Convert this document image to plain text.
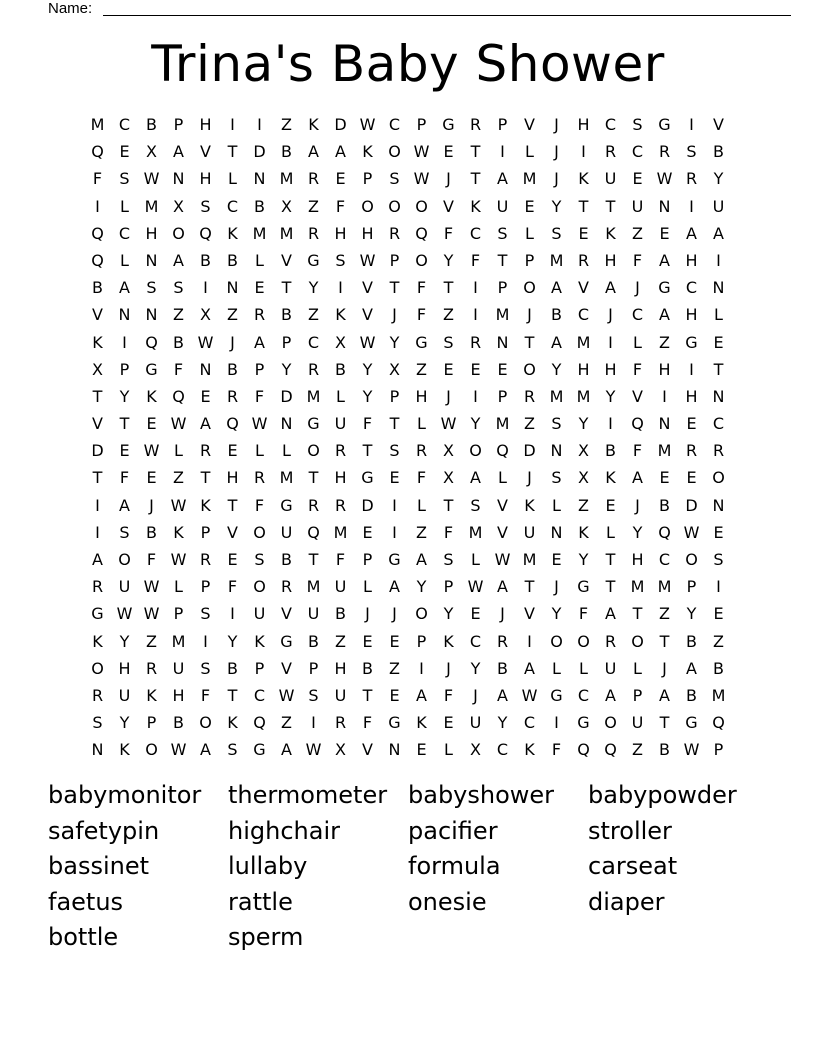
Name:
Trina's Baby Shower
M C B	P	H	I	I	Z	K D W C	P G R	P	V	J	H C	S G	I	V
Q E	X	A	V	T D B	A	A	K O W E	T	I	L	J	I	R C R	S	B
F	S W N H	L	N M R	E	P	S W	J	T	A M	J	K U	E W R	Y
I	L M X	S	C B	X	Z	F	O O O V	K U	E	Y	T	T	U N	I	U
Q C H O Q K M M R H H R Q	F	C	S	L	S	E	K	Z	E	A	A
Q	L	N A	B	B	L	V G S W P O Y	F	T	P M R H	F	A H	I
B	A	S	S	I	N E	T	Y	I	V	T	F	T	I	P O A	V	A	J	G C N
V N N Z	X	Z R B	Z	K	V	J	F	Z	I	M	J	B C	J	C A H	L
K	I	Q B W	J	A	P	C X W Y G S	R N	T	A M	I	L	Z G E
X	P G	F	N B	P	Y	R B	Y	X	Z	E	E	E O Y	H H	F	H	I	T
T	Y	K Q E	R	F	D M L	Y	P	H	J	I	P	R M M Y	V	I	H N
V	T	E W A Q W N G U	F	T	L W Y M Z	S	Y	I	Q N E	C
D E W L	R	E	L	L	O R	T	S	R X O Q D N X	B	F M R R
T	F	E	Z	T	H R M T	H G E	F	X	A	L	J	S	X	K	A	E	E O
I	A	J	W K	T	F	G R R D	I	L	T	S	V	K	L	Z	E	J	B D N
I	S	B	K	P	V O U Q M E	I	Z	F M V U N K	L	Y Q W E
A O	F W R	E	S	B	T	F	P G A	S	L W M E	Y	T	H C O S
R U W L	P	F	O R M U	L	A	Y	P W A	T	J	G T M M P	I
G W W P	S	I	U V U B	J	J	O Y	E	J	V	Y	F	A	T	Z	Y	E
K	Y	Z M	I	Y	K G B	Z	E	E	P	K	C R	I	O O R O T	B	Z
O H R U	S	B	P	V	P	H B	Z	I	J	Y	B	A	L	L	U	L	J	A	B
R U K H	F	T	C W S	U	T	E	A	F	J	A W G C A	P	A	B M
S	Y	P	B O K Q Z	I	R	F	G K	E	U	Y	C	I	G O U	T G Q
N K O W A	S G A W X	V N E	L	X C	K	F	Q Q Z	B W P
babymonitor	thermometer babyshower	babypowder
safetypin	highchair	pacifier	stroller
bassinet	lullaby	formula	carseat
faetus	rattle	onesie	diaper
bottle	sperm
